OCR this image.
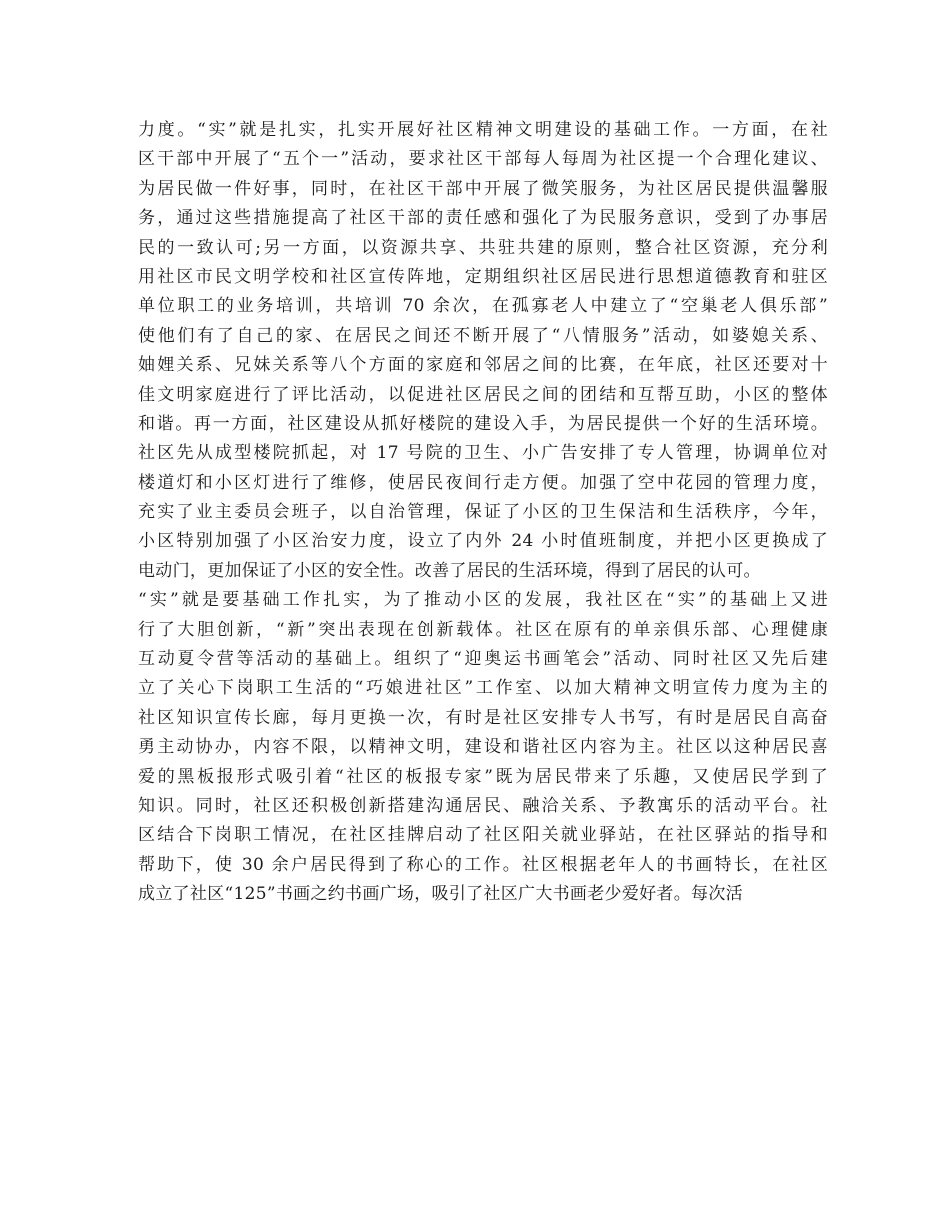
力度。“实”就是扎实，扎实开展好社区精神文明建设的基础工作。一方面，在社
区干部中开展了“五个一”活动，要求社区干部每人每周为社区提一个合理化建议、
为居民做一件好事，同时，在社区干部中开展了微笑服务，为社区居民提供温馨服
务，通过这些措施提高了社区干部的责任感和强化了为民服务意识，受到了办事居
民的一致认可;另一方面，以资源共享、共驻共建的原则，整合社区资源，充分利
用社区市民文明学校和社区宣传阵地，定期组织社区居民进行思想道德教育和驻区
单位职工的业务培训，共培训 70 余次，在孤寡老人中建立了“空巢老人俱乐部”
使他们有了自己的家、在居民之间还不断开展了“八情服务”活动，如婆媳关系、
妯娌关系、兄妹关系等八个方面的家庭和邻居之间的比赛，在年底，社区还要对十
佳文明家庭进行了评比活动，以促进社区居民之间的团结和互帮互助，小区的整体
和谐。再一方面，社区建设从抓好楼院的建设入手，为居民提供一个好的生活环境。
社区先从成型楼院抓起，对 17 号院的卫生、小广告安排了专人管理，协调单位对
楼道灯和小区灯进行了维修，使居民夜间行走方便。加强了空中花园的管理力度，
充实了业主委员会班子，以自治管理，保证了小区的卫生保洁和生活秩序，今年，
小区特别加强了小区治安力度，设立了内外 24 小时值班制度，并把小区更换成了
电动门，更加保证了小区的安全性。改善了居民的生活环境，得到了居民的认可。
“实”就是要基础工作扎实，为了推动小区的发展，我社区在“实”的基础上又进
行了大胆创新，“新”突出表现在创新载体。社区在原有的单亲俱乐部、心理健康
互动夏令营等活动的基础上。组织了“迎奥运书画笔会”活动、同时社区又先后建
立了关心下岗职工生活的“巧娘进社区”工作室、以加大精神文明宣传力度为主的
社区知识宣传长廊，每月更换一次，有时是社区安排专人书写，有时是居民自高奋
勇主动协办，内容不限，以精神文明，建设和谐社区内容为主。社区以这种居民喜
爱的黑板报形式吸引着“社区的板报专家”既为居民带来了乐趣，又使居民学到了
知识。同时，社区还积极创新搭建沟通居民、融洽关系、予教寓乐的活动平台。社
区结合下岗职工情况，在社区挂牌启动了社区阳关就业驿站，在社区驿站的指导和
帮助下，使 30 余户居民得到了称心的工作。社区根据老年人的书画特长，在社区
成立了社区“125”书画之约书画广场，吸引了社区广大书画老少爱好者。每次活
